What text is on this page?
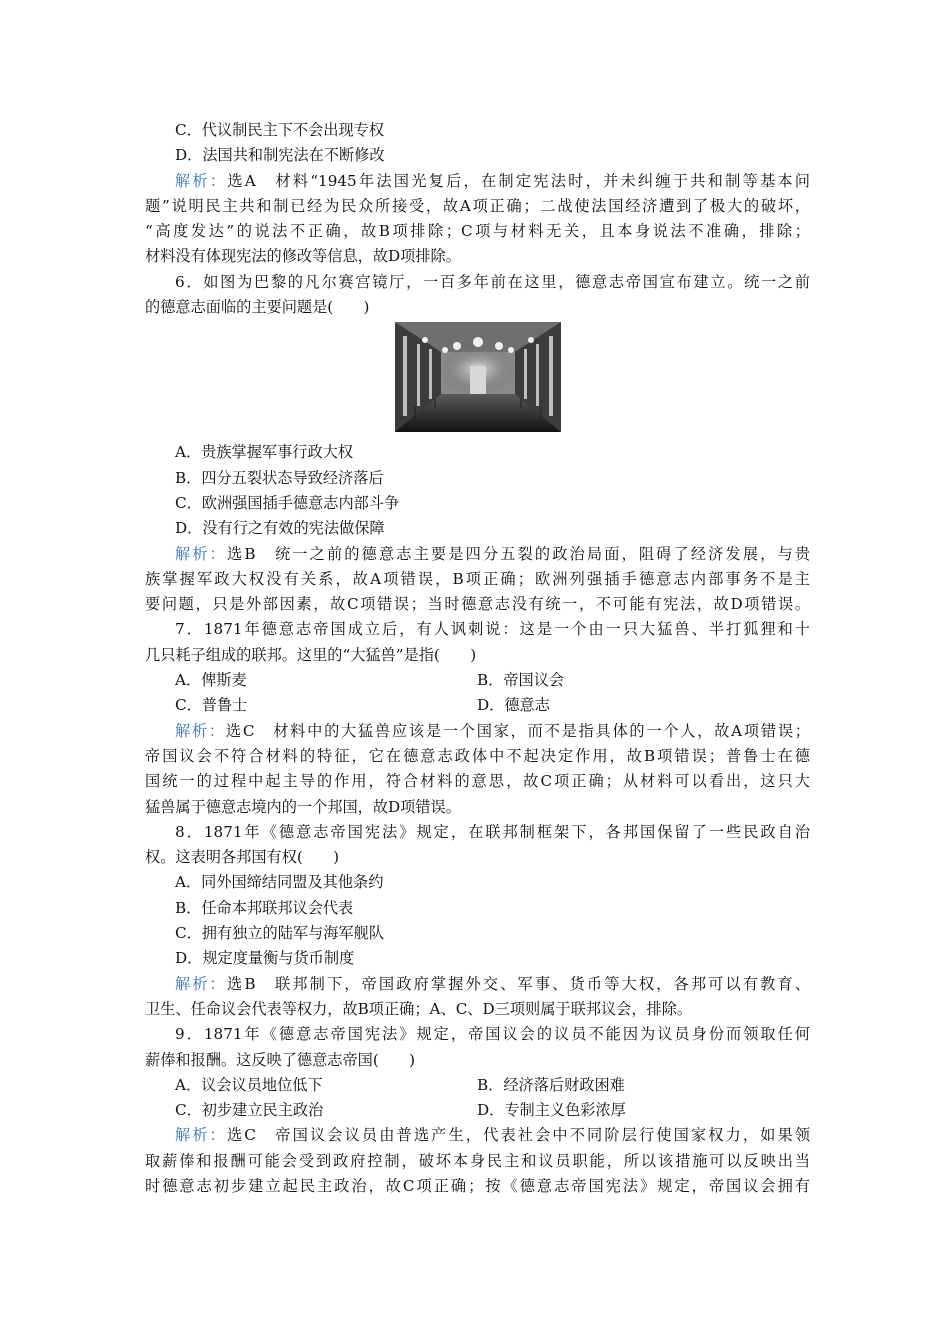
C．代议制民主下不会出现专权
D．法国共和制宪法在不断修改
解析：选A　材料“1945年法国光复后，在制定宪法时，并未纠缠于共和制等基本问
题”说明民主共和制已经为民众所接受，故A项正确；二战使法国经济遭到了极大的破坏，
“高度发达”的说法不正确，故B项排除；C项与材料无关，且本身说法不准确，排除；
材料没有体现宪法的修改等信息，故D项排除。
6．如图为巴黎的凡尔赛宫镜厅，一百多年前在这里，德意志帝国宣布建立。统一之前
的德意志面临的主要问题是(　　)
A．贵族掌握军事行政大权
B．四分五裂状态导致经济落后
C．欧洲强国插手德意志内部斗争
D．没有行之有效的宪法做保障
解析：选B　统一之前的德意志主要是四分五裂的政治局面，阻碍了经济发展，与贵
族掌握军政大权没有关系，故A项错误，B项正确；欧洲列强插手德意志内部事务不是主
要问题，只是外部因素，故C项错误；当时德意志没有统一，不可能有宪法，故D项错误。
7．1871年德意志帝国成立后，有人讽刺说：这是一个由一只大猛兽、半打狐狸和十
几只耗子组成的联邦。这里的“大猛兽”是指(　　)
A．俾斯麦	B．帝国议会
C．普鲁士	D．德意志
解析：选C　材料中的大猛兽应该是一个国家，而不是指具体的一个人，故A项错误；
帝国议会不符合材料的特征，它在德意志政体中不起决定作用，故B项错误；普鲁士在德
国统一的过程中起主导的作用，符合材料的意思，故C项正确；从材料可以看出，这只大
猛兽属于德意志境内的一个邦国，故D项错误。
8．1871年《德意志帝国宪法》规定，在联邦制框架下，各邦国保留了一些民政自治
权。这表明各邦国有权(　　)
A．同外国缔结同盟及其他条约
B．任命本邦联邦议会代表
C．拥有独立的陆军与海军舰队
D．规定度量衡与货币制度
解析：选B　联邦制下，帝国政府掌握外交、军事、货币等大权，各邦可以有教育、
卫生、任命议会代表等权力，故B项正确；A、C、D三项则属于联邦议会，排除。
9．1871年《德意志帝国宪法》规定，帝国议会的议员不能因为议员身份而领取任何
薪俸和报酬。这反映了德意志帝国(　　)
A．议会议员地位低下	B．经济落后财政困难
C．初步建立民主政治	D．专制主义色彩浓厚
解析：选C　帝国议会议员由普选产生，代表社会中不同阶层行使国家权力，如果领
取薪俸和报酬可能会受到政府控制，破坏本身民主和议员职能，所以该措施可以反映出当
时德意志初步建立起民主政治，故C项正确；按《德意志帝国宪法》规定，帝国议会拥有
